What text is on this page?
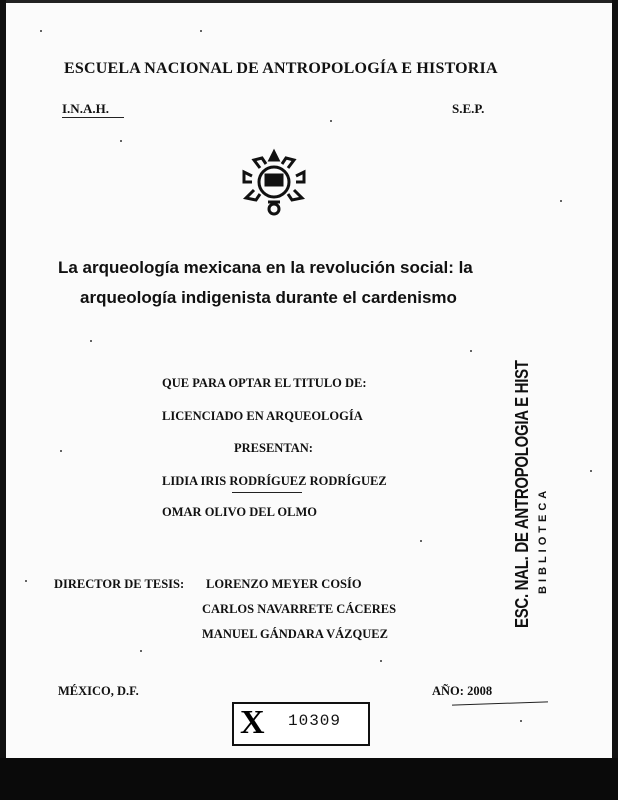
ESCUELA NACIONAL DE ANTROPOLOGÍA E HISTORIA
I.N.A.H.	S.E.P.
La arqueología mexicana en la revolución social: la
arqueología indigenista durante el cardenismo
QUE PARA OPTAR EL TITULO DE:
LICENCIADO EN ARQUEOLOGÍA
PRESENTAN:
LIDIA IRIS RODRÍGUEZ RODRÍGUEZ
OMAR OLIVO DEL OLMO
DIRECTOR DE TESIS: LORENZO MEYER COSÍO
CARLOS NAVARRETE CÁCERES
MANUEL GÁNDARA VÁZQUEZ
MÉXICO, D.F.	AÑO: 2008
X 10309
ESC. NAL. DE ANTROPOLOGIA E HIST BIBLIOTECA
